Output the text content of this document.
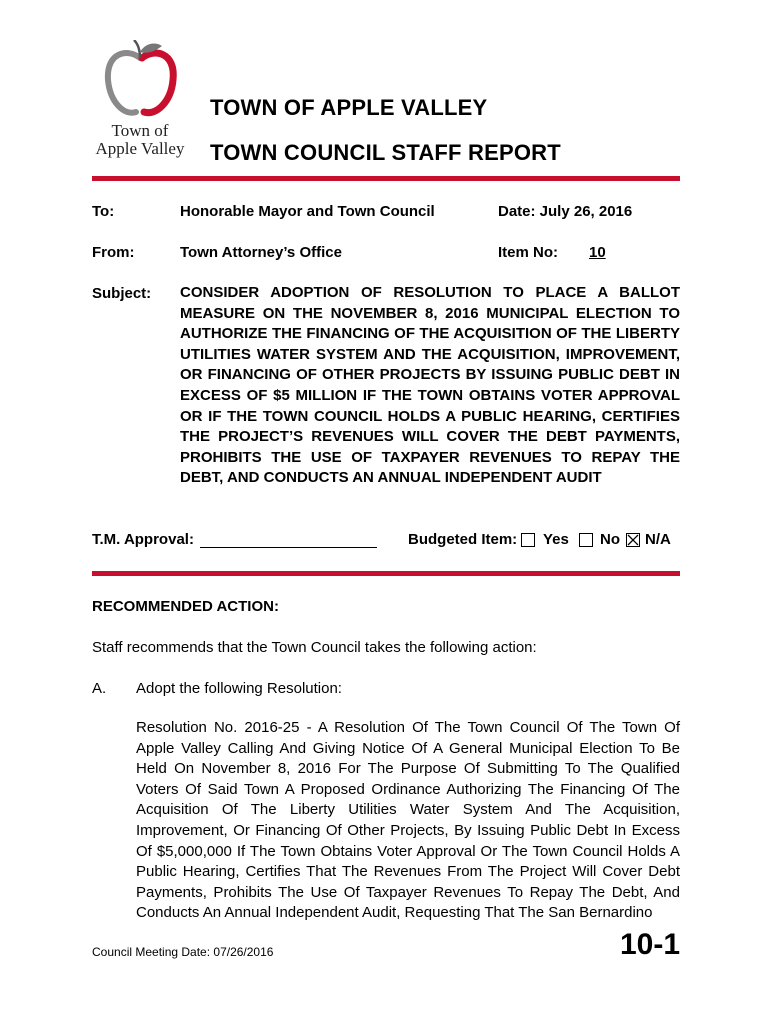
Town of
Apple Valley
TOWN OF APPLE VALLEY
TOWN COUNCIL STAFF REPORT
To:	Honorable Mayor and Town Council	Date: July 26, 2016
From:	Town Attorney’s Office	Item No: 10
Subject: CONSIDER ADOPTION OF RESOLUTION TO PLACE A BALLOT MEASURE ON THE NOVEMBER 8, 2016 MUNICIPAL ELECTION TO AUTHORIZE THE FINANCING OF THE ACQUISITION OF THE LIBERTY UTILITIES WATER SYSTEM AND THE ACQUISITION, IMPROVEMENT, OR FINANCING OF OTHER PROJECTS BY ISSUING PUBLIC DEBT IN EXCESS OF $5 MILLION IF THE TOWN OBTAINS VOTER APPROVAL OR IF THE TOWN COUNCIL HOLDS A PUBLIC HEARING, CERTIFIES THE PROJECT’S REVENUES WILL COVER THE DEBT PAYMENTS, PROHIBITS THE USE OF TAXPAYER REVENUES TO REPAY THE DEBT, AND CONDUCTS AN ANNUAL INDEPENDENT AUDIT
T.M. Approval:	Budgeted Item: Yes No N/A
RECOMMENDED ACTION:
Staff recommends that the Town Council takes the following action:
A. Adopt the following Resolution:
Resolution No. 2016-25 - A Resolution Of The Town Council Of The Town Of Apple Valley Calling And Giving Notice Of A General Municipal Election To Be Held On November 8, 2016 For The Purpose Of Submitting To The Qualified Voters Of Said Town A Proposed Ordinance Authorizing The Financing Of The Acquisition Of The Liberty Utilities Water System And The Acquisition, Improvement, Or Financing Of Other Projects, By Issuing Public Debt In Excess Of $5,000,000 If The Town Obtains Voter Approval Or The Town Council Holds A Public Hearing, Certifies That The Revenues From The Project Will Cover Debt Payments, Prohibits The Use Of Taxpayer Revenues To Repay The Debt, And Conducts An Annual Independent Audit, Requesting That The San Bernardino
Council Meeting Date: 07/26/2016	10-1
